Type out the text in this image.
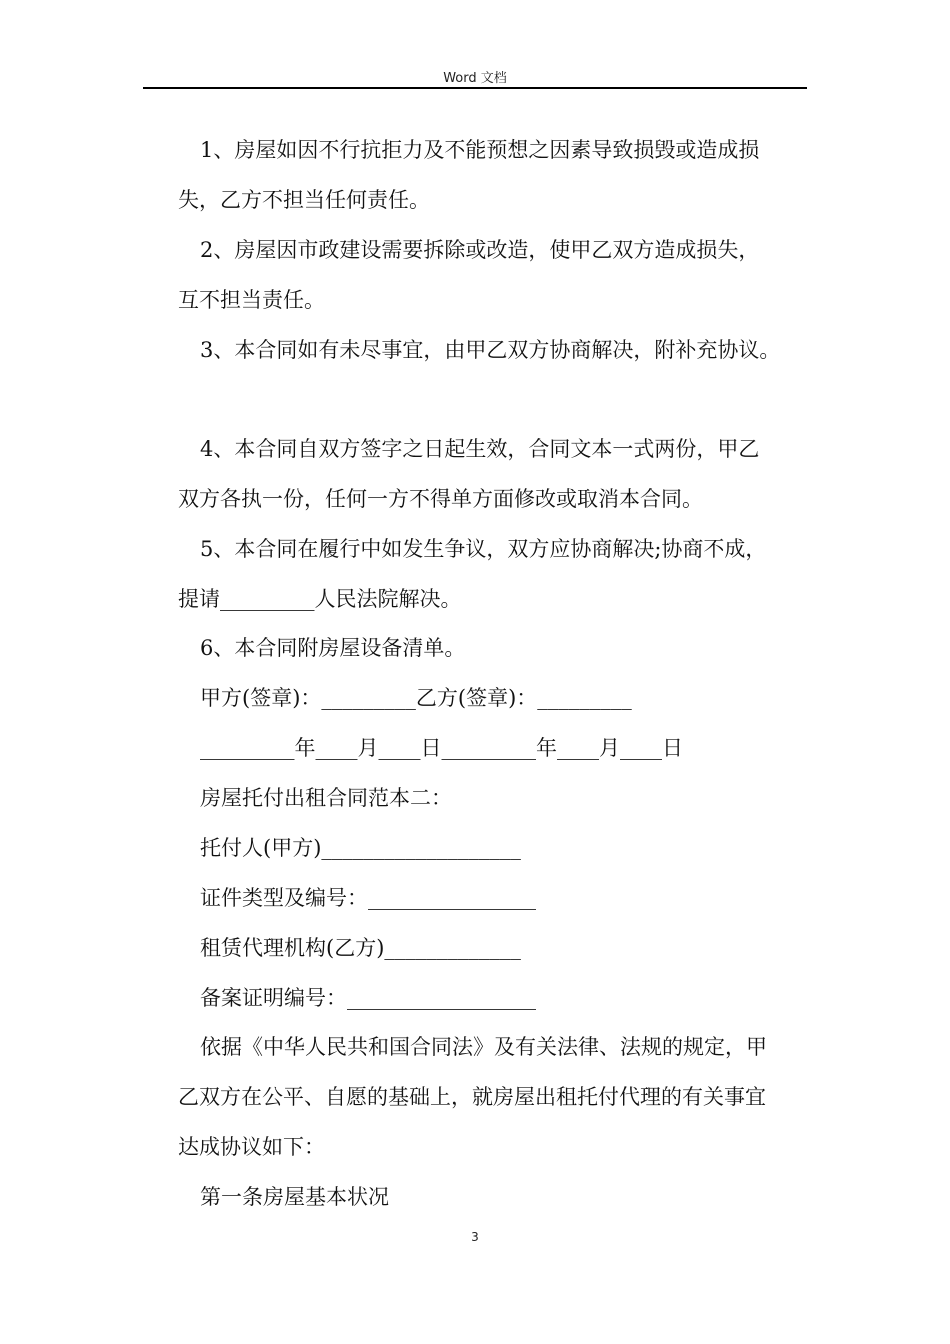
Word 文档
1、房屋如因不行抗拒力及不能预想之因素导致损毁或造成损
失，乙方不担当任何责任。
2、房屋因市政建设需要拆除或改造，使甲乙双方造成损失，
互不担当责任。
3、本合同如有未尽事宜，由甲乙双方协商解决，附补充协议。
4、本合同自双方签字之日起生效，合同文本一式两份，甲乙
双方各执一份，任何一方不得单方面修改或取消本合同。
5、本合同在履行中如发生争议，双方应协商解决;协商不成，
提请_________人民法院解决。
6、本合同附房屋设备清单。
甲方(签章)：_________乙方(签章)：_________
_________年____月____日_________年____月____日
房屋托付出租合同范本二：
托付人(甲方)___________________
证件类型及编号：________________
租赁代理机构(乙方)_____________
备案证明编号：__________________
依据《中华人民共和国合同法》及有关法律、法规的规定，甲
乙双方在公平、自愿的基础上，就房屋出租托付代理的有关事宜
达成协议如下：
第一条房屋基本状况
3
